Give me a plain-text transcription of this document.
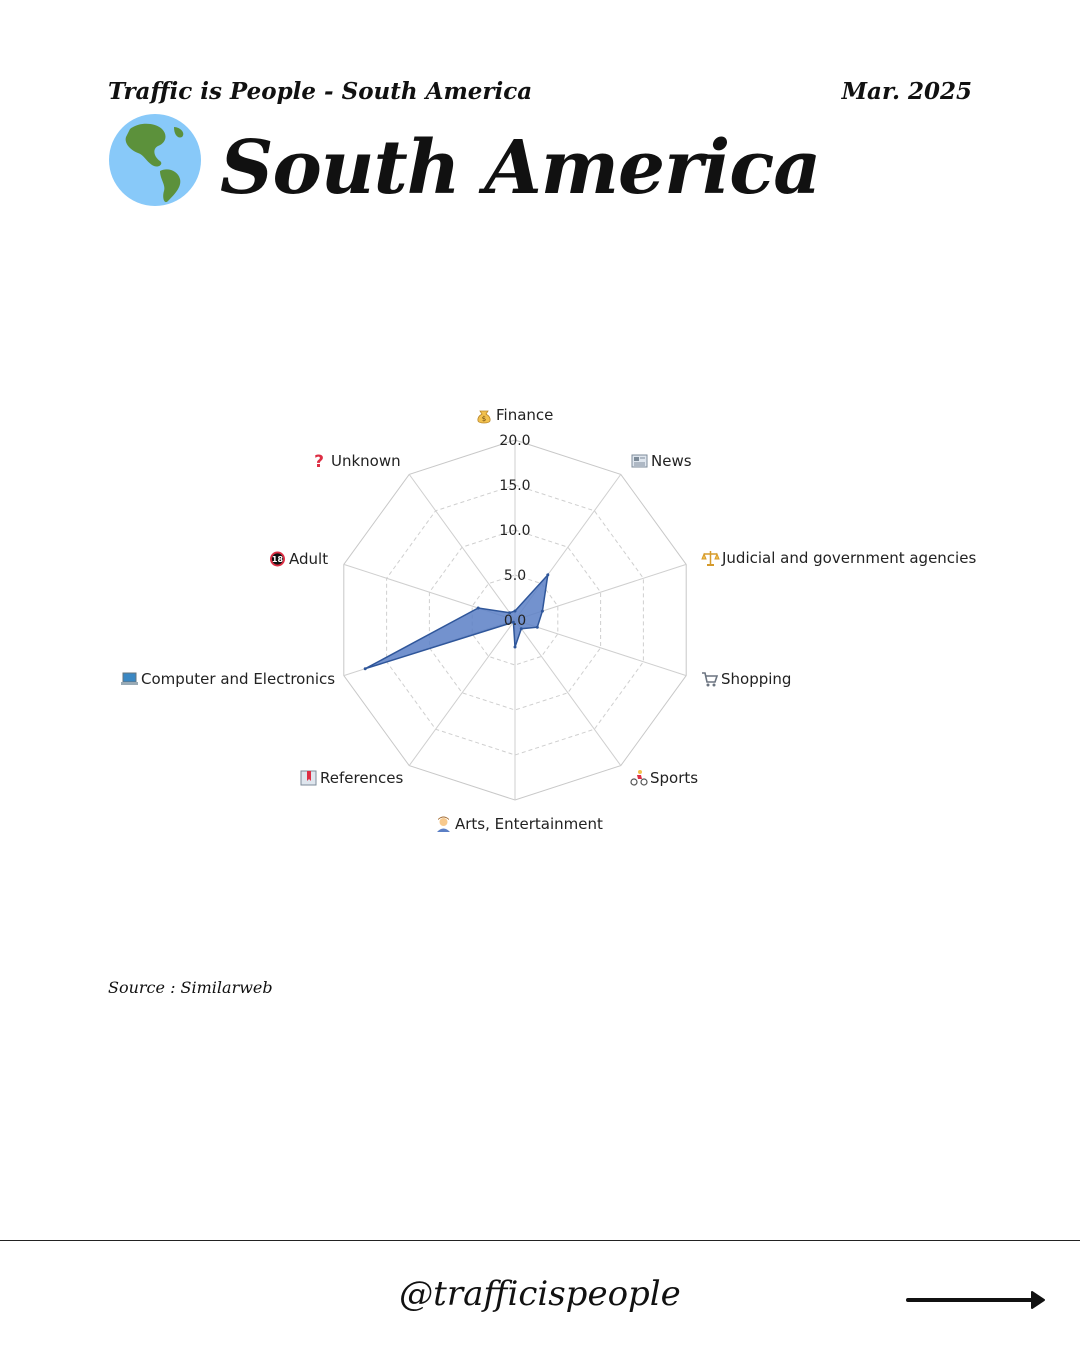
Traffic is People - South America	Mar. 2025
South America
0.0
5.0
10.0
15.0
20.0
$ Finance
News
Judicial and government agencies
Shopping
Sports
Arts, Entertainment
References
Computer and Electronics
18 Adult
? Unknown
Source : Similarweb
@trafficispeople
